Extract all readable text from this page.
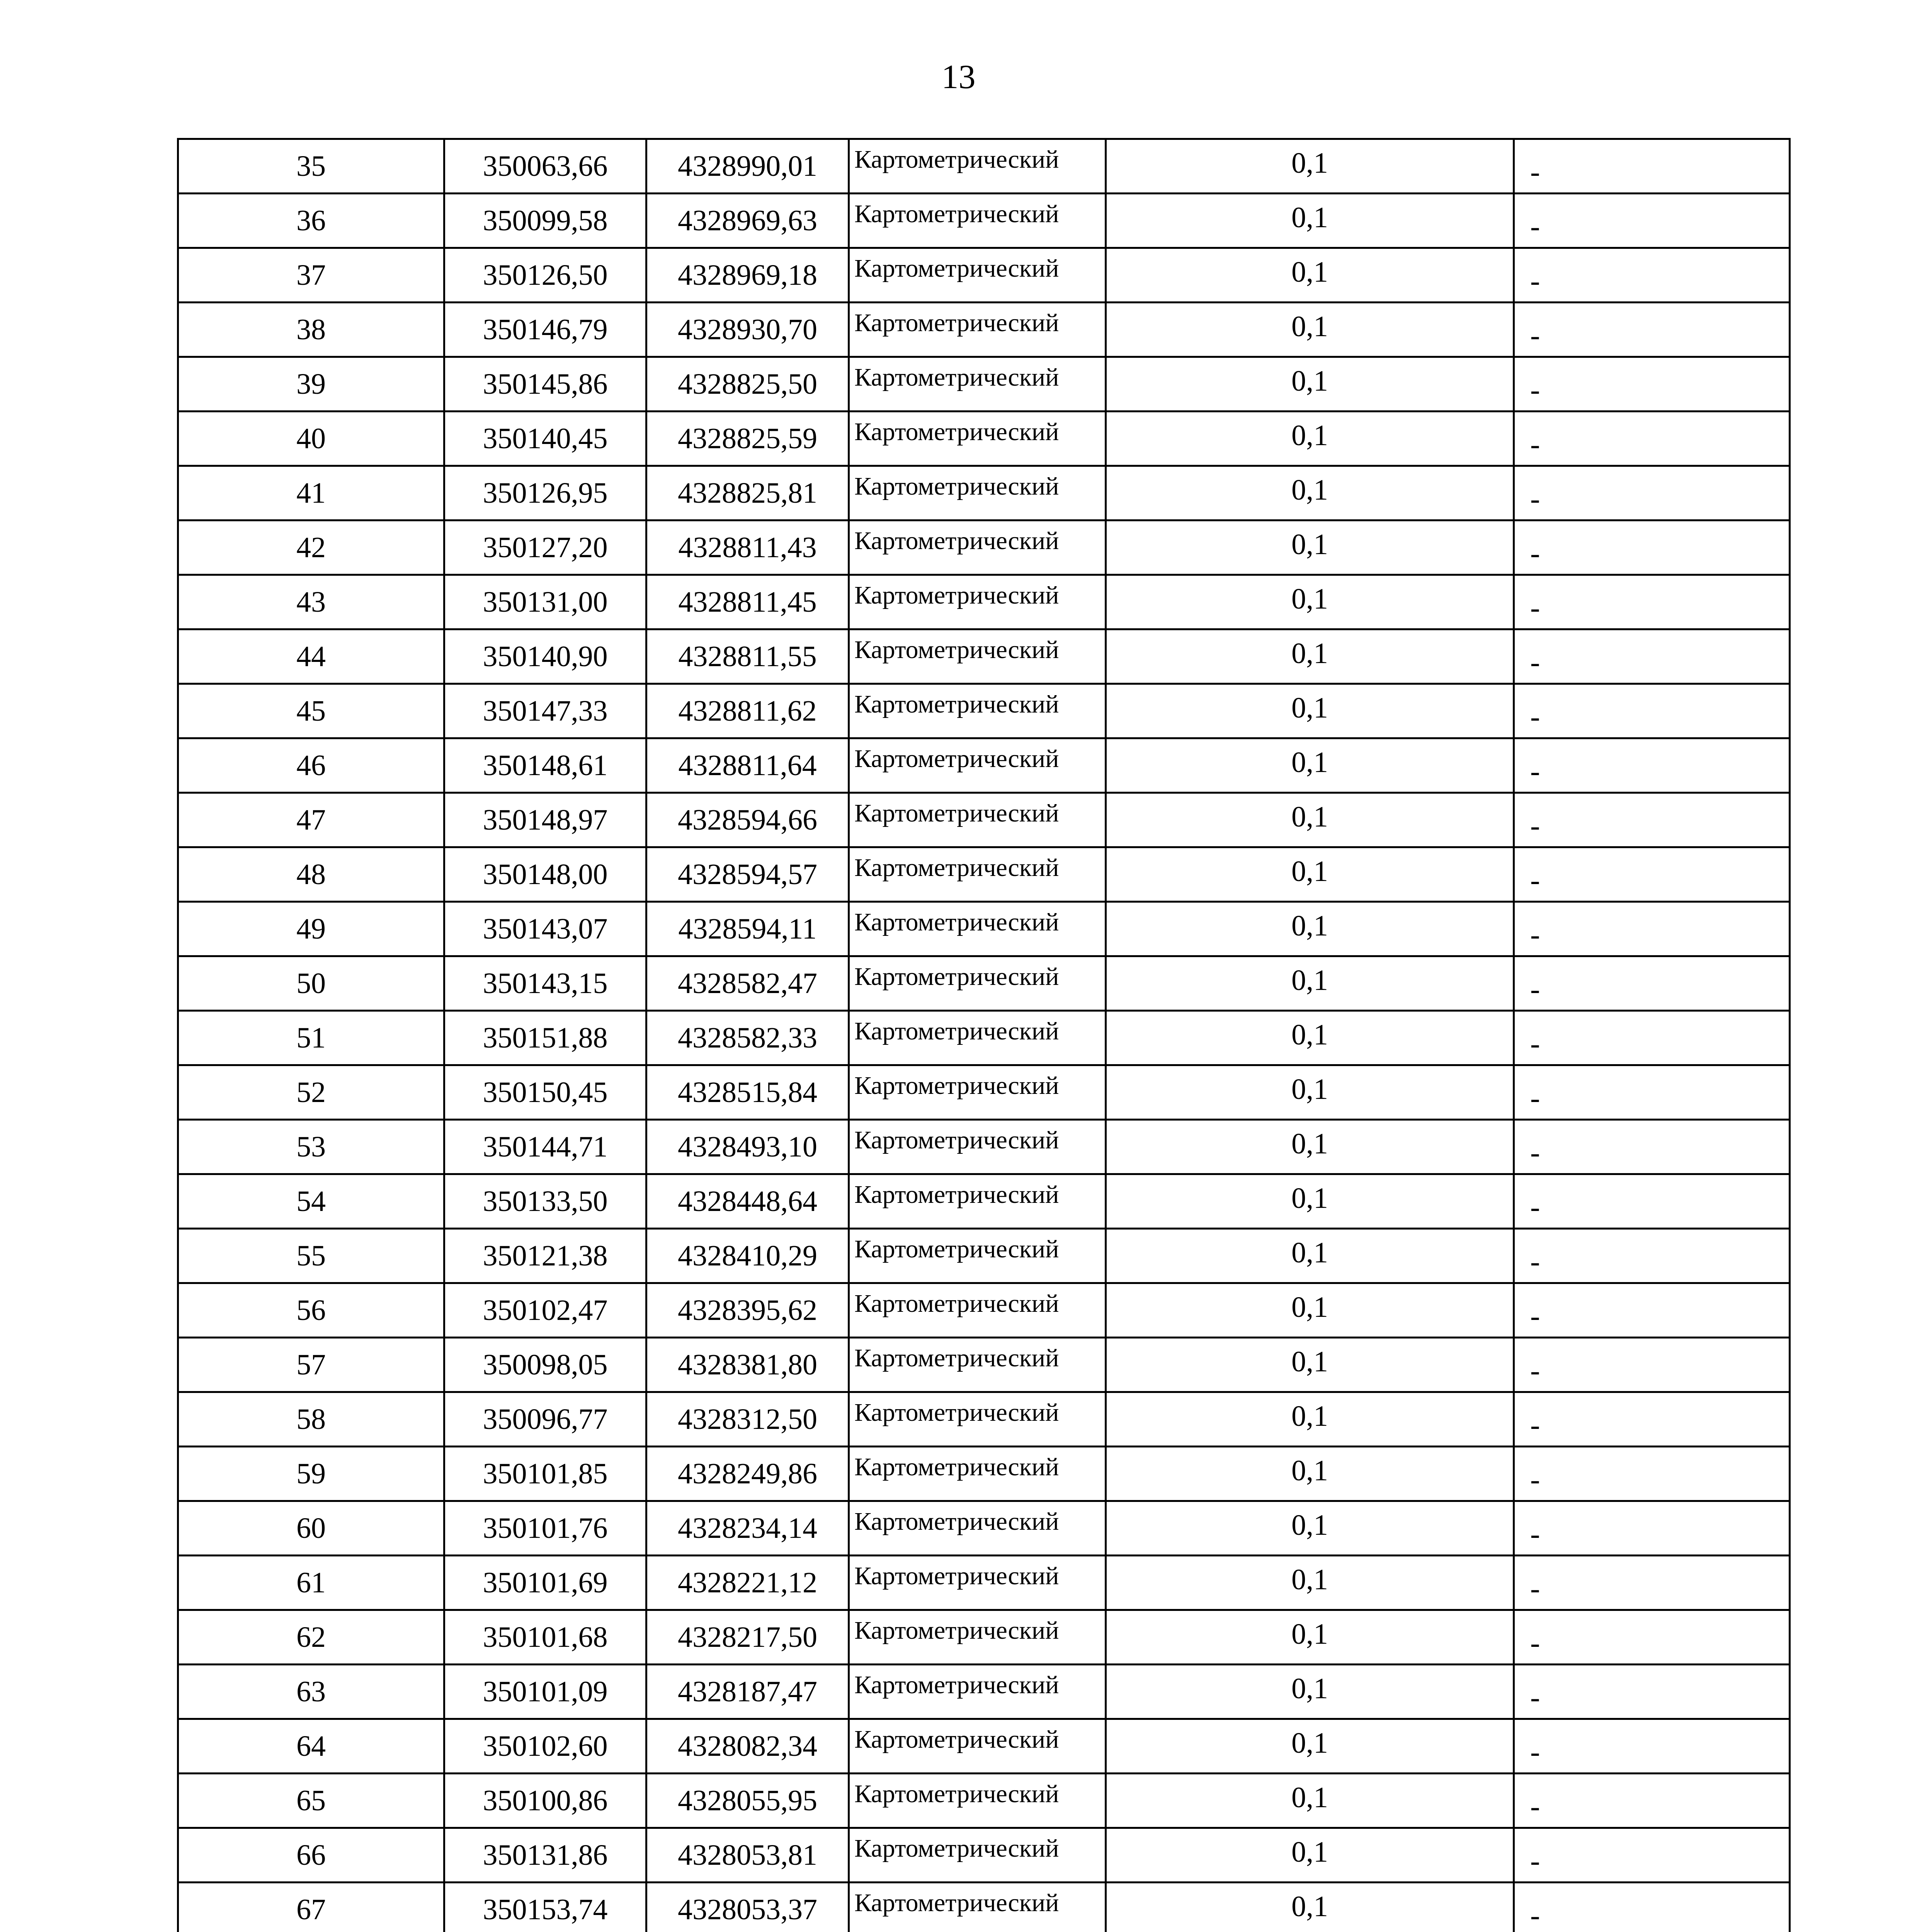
13
35	350063,66	4328990,01	Картометрический	0,1	-
36	350099,58	4328969,63	Картометрический	0,1	-
37	350126,50	4328969,18	Картометрический	0,1	-
38	350146,79	4328930,70	Картометрический	0,1	-
39	350145,86	4328825,50	Картометрический	0,1	-
40	350140,45	4328825,59	Картометрический	0,1	-
41	350126,95	4328825,81	Картометрический	0,1	-
42	350127,20	4328811,43	Картометрический	0,1	-
43	350131,00	4328811,45	Картометрический	0,1	-
44	350140,90	4328811,55	Картометрический	0,1	-
45	350147,33	4328811,62	Картометрический	0,1	-
46	350148,61	4328811,64	Картометрический	0,1	-
47	350148,97	4328594,66	Картометрический	0,1	-
48	350148,00	4328594,57	Картометрический	0,1	-
49	350143,07	4328594,11	Картометрический	0,1	-
50	350143,15	4328582,47	Картометрический	0,1	-
51	350151,88	4328582,33	Картометрический	0,1	-
52	350150,45	4328515,84	Картометрический	0,1	-
53	350144,71	4328493,10	Картометрический	0,1	-
54	350133,50	4328448,64	Картометрический	0,1	-
55	350121,38	4328410,29	Картометрический	0,1	-
56	350102,47	4328395,62	Картометрический	0,1	-
57	350098,05	4328381,80	Картометрический	0,1	-
58	350096,77	4328312,50	Картометрический	0,1	-
59	350101,85	4328249,86	Картометрический	0,1	-
60	350101,76	4328234,14	Картометрический	0,1	-
61	350101,69	4328221,12	Картометрический	0,1	-
62	350101,68	4328217,50	Картометрический	0,1	-
63	350101,09	4328187,47	Картометрический	0,1	-
64	350102,60	4328082,34	Картометрический	0,1	-
65	350100,86	4328055,95	Картометрический	0,1	-
66	350131,86	4328053,81	Картометрический	0,1	-
67	350153,74	4328053,37	Картометрический	0,1	-
